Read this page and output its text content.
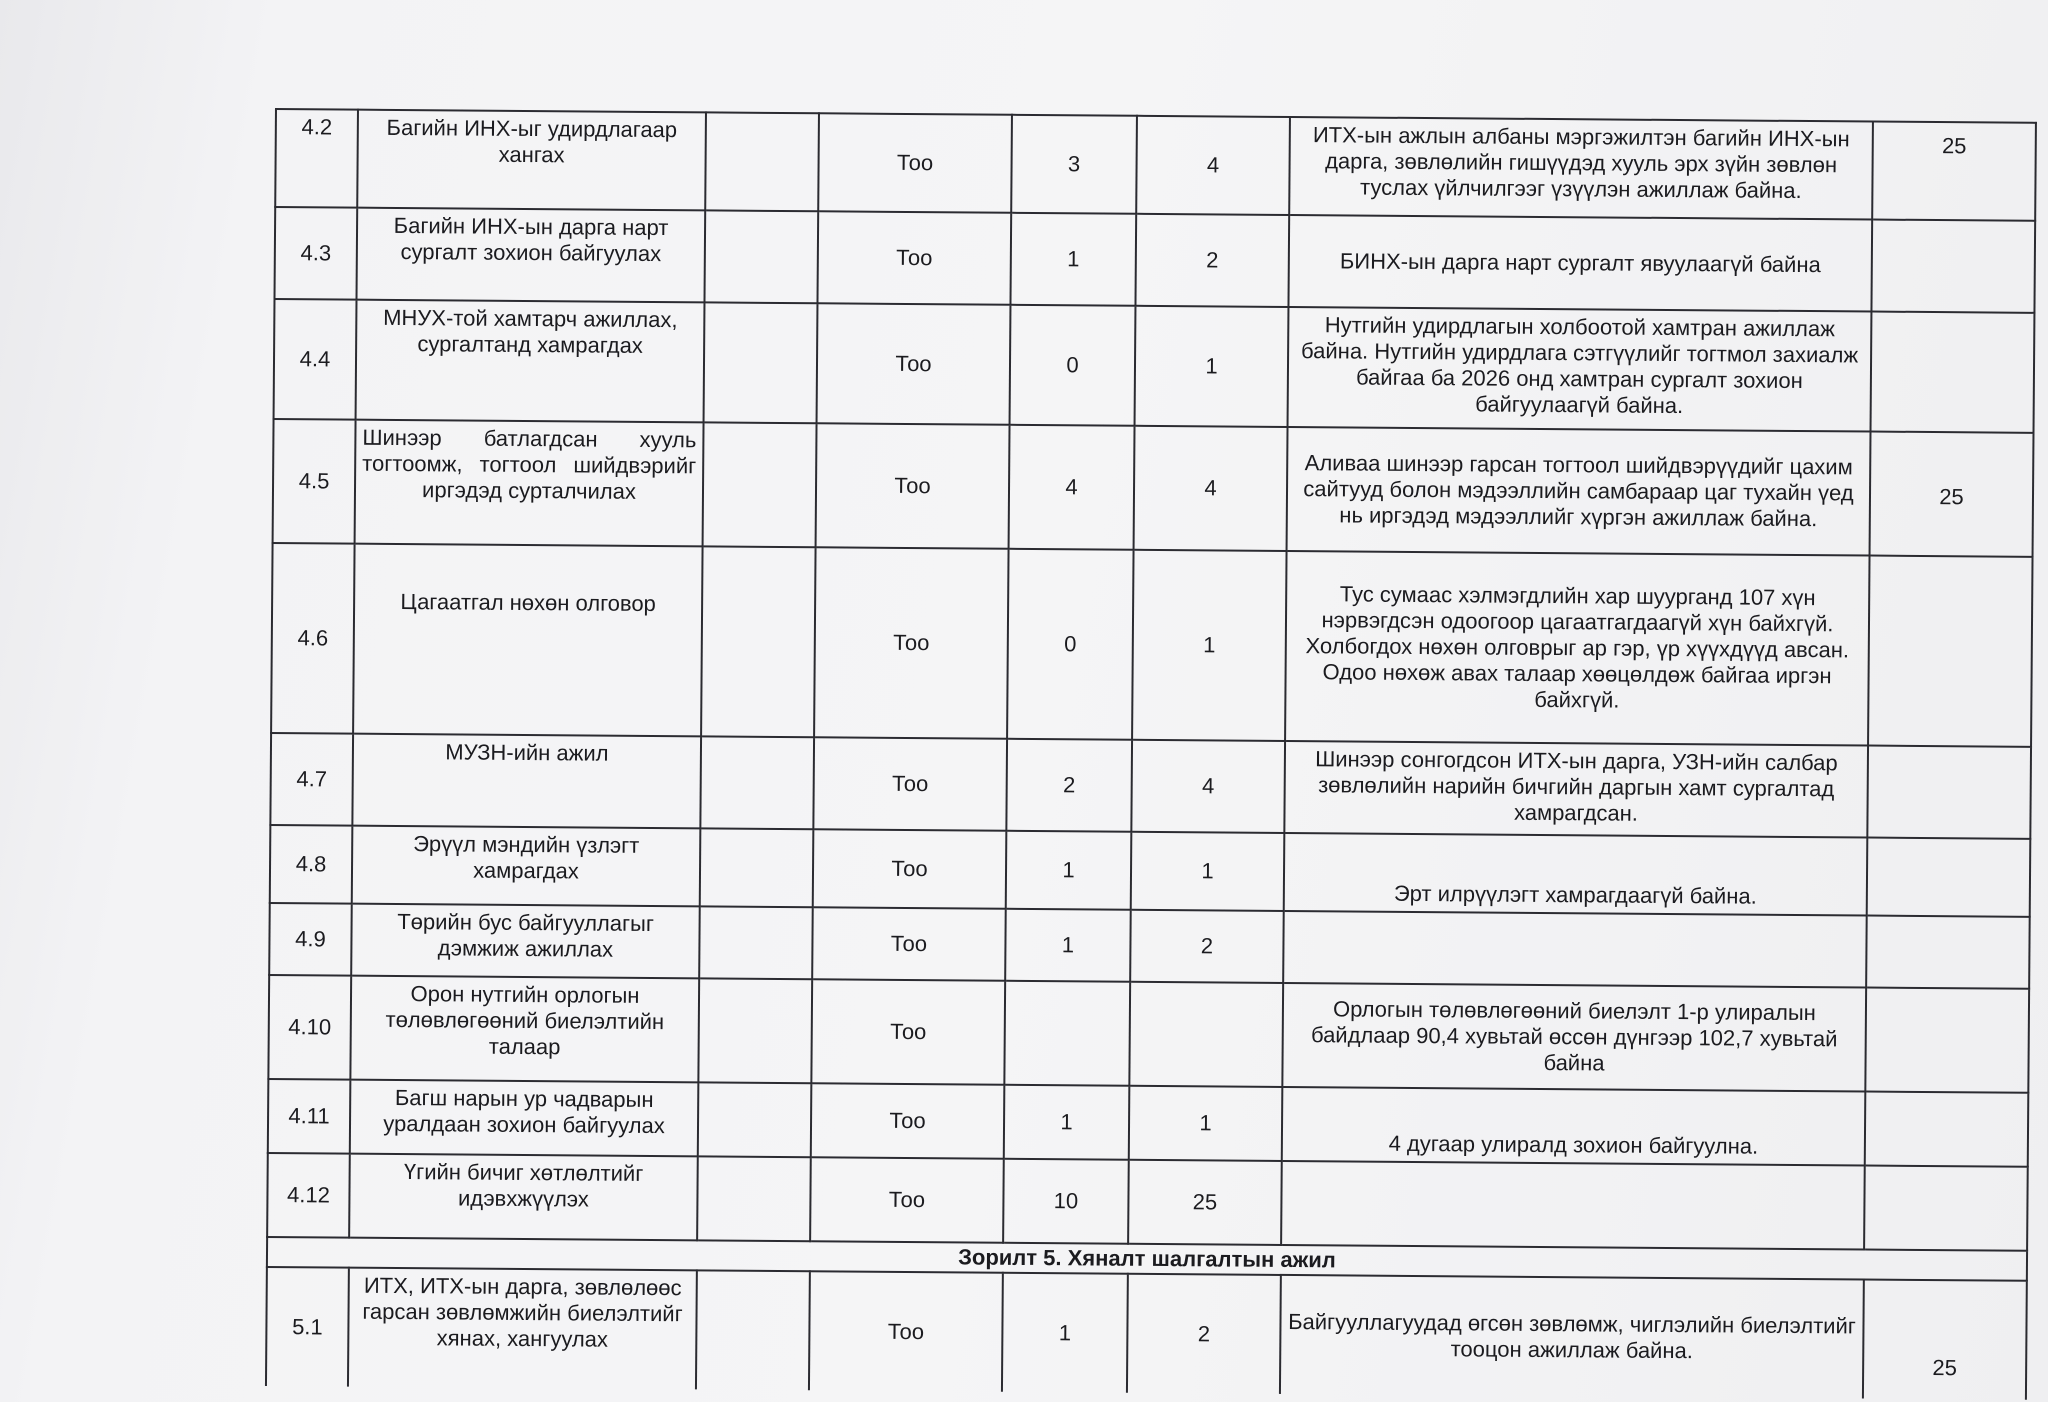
4.2	Багийн ИНХ-ыг удирдлагаар хангах		Тоо	3	4	ИТХ-ын ажлын албаны мэргэжилтэн багийн ИНХ-ын дарга, зөвлөлийн гишүүдэд хууль эрх зүйн зөвлөн туслах үйлчилгээг үзүүлэн ажиллаж байна.	25
4.3	Багийн ИНХ-ын дарга нарт сургалт зохион байгуулах		Тоо	1	2	БИНХ-ын дарга нарт сургалт явуулаагүй байна	
4.4	МНУХ-той хамтарч ажиллах, сургалтанд хамрагдах		Тоо	0	1	Нутгийн удирдлагын холбоотой хамтран ажиллаж байна. Нутгийн удирдлага сэтгүүлийг тогтмол захиалж байгаа ба 2026 онд хамтран сургалт зохион байгуулаагүй байна.	
4.5	Шинээр батлагдсан хууль тогтоомж, тогтоол шийдвэрийг иргэдэд сурталчилах		Тоо	4	4	Аливаа шинээр гарсан тогтоол шийдвэрүүдийг цахим сайтууд болон мэдээллийн самбараар цаг тухайн үед нь иргэдэд мэдээллийг хүргэн ажиллаж байна.	25
4.6	Цагаатгал нөхөн олговор		Тоо	0	1	Тус сумаас хэлмэгдлийн хар шуурганд 107 хүн нэрвэгдсэн одоогоор цагаатгагдаагүй хүн байхгүй. Холбогдох нөхөн олговрыг ар гэр, үр хүүхдүүд авсан. Одоо нөхөж авах талаар хөөцөлдөж байгаа иргэн байхгүй.	
4.7	МУЗН-ийн ажил		Тоо	2	4	Шинээр сонгогдсон ИТХ-ын дарга, УЗН-ийн салбар зөвлөлийн нарийн бичгийн даргын хамт сургалтад хамрагдсан.	
4.8	Эрүүл мэндийн үзлэгт хамрагдах		Тоо	1	1	Эрт илрүүлэгт хамрагдаагүй байна.	
4.9	Төрийн бус байгууллагыг дэмжиж ажиллах		Тоо	1	2		
4.10	Орон нутгийн орлогын төлөвлөгөөний биелэлтийн талаар		Тоо			Орлогын төлөвлөгөөний биелэлт 1-р улиралын байдлаар 90,4 хувьтай өссөн дүнгээр 102,7 хувьтай байна	
4.11	Багш нарын ур чадварын уралдаан зохион байгуулах		Тоо	1	1	4 дугаар улиралд зохион байгуулна.	
4.12	Үгийн бичиг хөтлөлтийг идэвхжүүлэх		Тоо	10	25		
Зорилт 5. Хяналт шалгалтын ажил							
5.1	ИТХ, ИТХ-ын дарга, зөвлөлөөс гарсан зөвлөмжийн биелэлтийг хянах, хангуулах		Тоо	1	2	Байгууллагуудад өгсөн зөвлөмж, чиглэлийн биелэлтийг тооцон ажиллаж байна.	25
